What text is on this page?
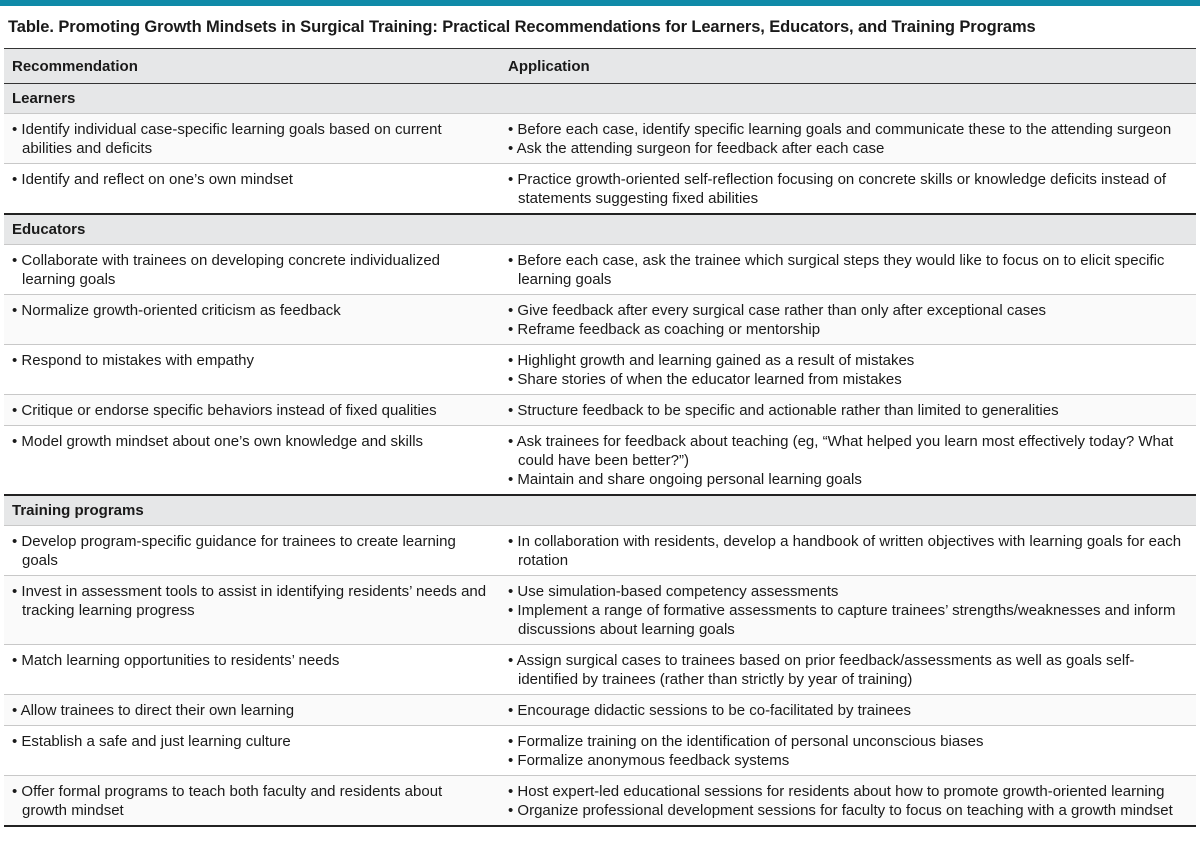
Table. Promoting Growth Mindsets in Surgical Training: Practical Recommendations for Learners, Educators, and Training Programs
Recommendation	Application
Learners	

• Identify individual case-specific learning goals based on current abilities and deficits	• Before each case, identify specific learning goals and communicate these to the attending surgeon
• Ask the attending surgeon for feedback after each case

• Identify and reflect on one’s own mindset	• Practice growth-oriented self-reflection focusing on concrete skills or knowledge deficits instead of statements suggesting fixed abilities

Educators	

• Collaborate with trainees on developing concrete individualized learning goals	• Before each case, ask the trainee which surgical steps they would like to focus on to elicit specific learning goals

• Normalize growth-oriented criticism as feedback	• Give feedback after every surgical case rather than only after exceptional cases
• Reframe feedback as coaching or mentorship

• Respond to mistakes with empathy	• Highlight growth and learning gained as a result of mistakes
• Share stories of when the educator learned from mistakes

• Critique or endorse specific behaviors instead of fixed qualities	• Structure feedback to be specific and actionable rather than limited to generalities

• Model growth mindset about one’s own knowledge and skills	• Ask trainees for feedback about teaching (eg, “What helped you learn most effectively today? What could have been better?”)
• Maintain and share ongoing personal learning goals

Training programs	

• Develop program-specific guidance for trainees to create learning goals	• In collaboration with residents, develop a handbook of written objectives with learning goals for each rotation

• Invest in assessment tools to assist in identifying residents’ needs and tracking learning progress	• Use simulation-based competency assessments
• Implement a range of formative assessments to capture trainees’ strengths/weaknesses and inform discussions about learning goals

• Match learning opportunities to residents’ needs	• Assign surgical cases to trainees based on prior feedback/assessments as well as goals self-identified by trainees (rather than strictly by year of training)

• Allow trainees to direct their own learning	• Encourage didactic sessions to be co-facilitated by trainees

• Establish a safe and just learning culture	• Formalize training on the identification of personal unconscious biases
• Formalize anonymous feedback systems

• Offer formal programs to teach both faculty and residents about growth mindset	• Host expert-led educational sessions for residents about how to promote growth-oriented learning
• Organize professional development sessions for faculty to focus on teaching with a growth mindset
